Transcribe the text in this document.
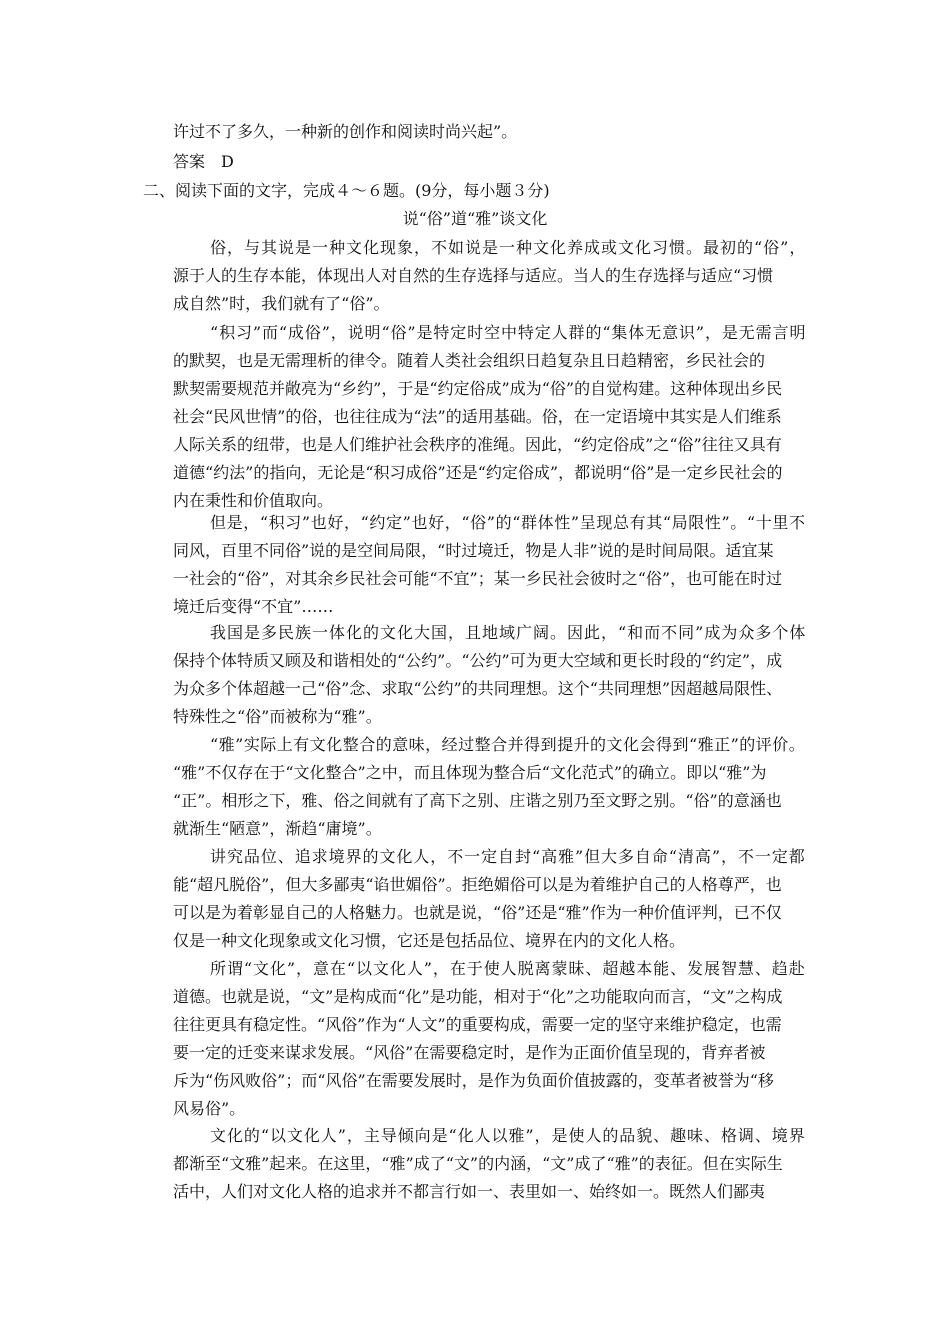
许过不了多久，一种新的创作和阅读时尚兴起”。
答案　D
二、阅读下面的文字，完成４～６题。(9分，每小题３分)
说“俗”道“雅”谈文化
俗，与其说是一种文化现象，不如说是一种文化养成或文化习惯。最初的“俗”，
源于人的生存本能，体现出人对自然的生存选择与适应。当人的生存选择与适应“习惯
成自然”时，我们就有了“俗”。
“积习”而“成俗”，说明“俗”是特定时空中特定人群的“集体无意识”，是无需言明
的默契，也是无需理析的律令。随着人类社会组织日趋复杂且日趋精密，乡民社会的
默契需要规范并敞亮为“乡约”，于是“约定俗成”成为“俗”的自觉构建。这种体现出乡民
社会“民风世情”的俗，也往往成为“法”的适用基础。俗，在一定语境中其实是人们维系
人际关系的纽带，也是人们维护社会秩序的准绳。因此，“约定俗成”之“俗”往往又具有
道德“约法”的指向，无论是“积习成俗”还是“约定俗成”，都说明“俗”是一定乡民社会的
内在秉性和价值取向。
但是，“积习”也好，“约定”也好，“俗”的“群体性”呈现总有其“局限性”。“十里不
同风，百里不同俗”说的是空间局限，“时过境迁，物是人非”说的是时间局限。适宜某
一社会的“俗”，对其余乡民社会可能“不宜”；某一乡民社会彼时之“俗”，也可能在时过
境迁后变得“不宜”……
我国是多民族一体化的文化大国，且地域广阔。因此，“和而不同”成为众多个体
保持个体特质又顾及和谐相处的“公约”。“公约”可为更大空域和更长时段的“约定”，成
为众多个体超越一己“俗”念、求取“公约”的共同理想。这个“共同理想”因超越局限性、
特殊性之“俗”而被称为“雅”。
“雅”实际上有文化整合的意味，经过整合并得到提升的文化会得到“雅正”的评价。
“雅”不仅存在于“文化整合”之中，而且体现为整合后“文化范式”的确立。即以“雅”为
“正”。相形之下，雅、俗之间就有了高下之别、庄谐之别乃至文野之别。“俗”的意涵也
就渐生“陋意”，渐趋“庸境”。
讲究品位、追求境界的文化人，不一定自封“高雅”但大多自命“清高”，不一定都
能“超凡脱俗”，但大多鄙夷“谄世媚俗”。拒绝媚俗可以是为着维护自己的人格尊严，也
可以是为着彰显自己的人格魅力。也就是说，“俗”还是“雅”作为一种价值评判，已不仅
仅是一种文化现象或文化习惯，它还是包括品位、境界在内的文化人格。
所谓“文化”，意在“以文化人”，在于使人脱离蒙昧、超越本能、发展智慧、趋赴
道德。也就是说，“文”是构成而“化”是功能，相对于“化”之功能取向而言，“文”之构成
往往更具有稳定性。“风俗”作为“人文”的重要构成，需要一定的坚守来维护稳定，也需
要一定的迁变来谋求发展。“风俗”在需要稳定时，是作为正面价值呈现的，背弃者被
斥为“伤风败俗”；而“风俗”在需要发展时，是作为负面价值披露的，变革者被誉为“移
风易俗”。
文化的“以文化人”，主导倾向是“化人以雅”，是使人的品貌、趣味、格调、境界
都渐至“文雅”起来。在这里，“雅”成了“文”的内涵，“文”成了“雅”的表征。但在实际生
活中，人们对文化人格的追求并不都言行如一、表里如一、始终如一。既然人们鄙夷
